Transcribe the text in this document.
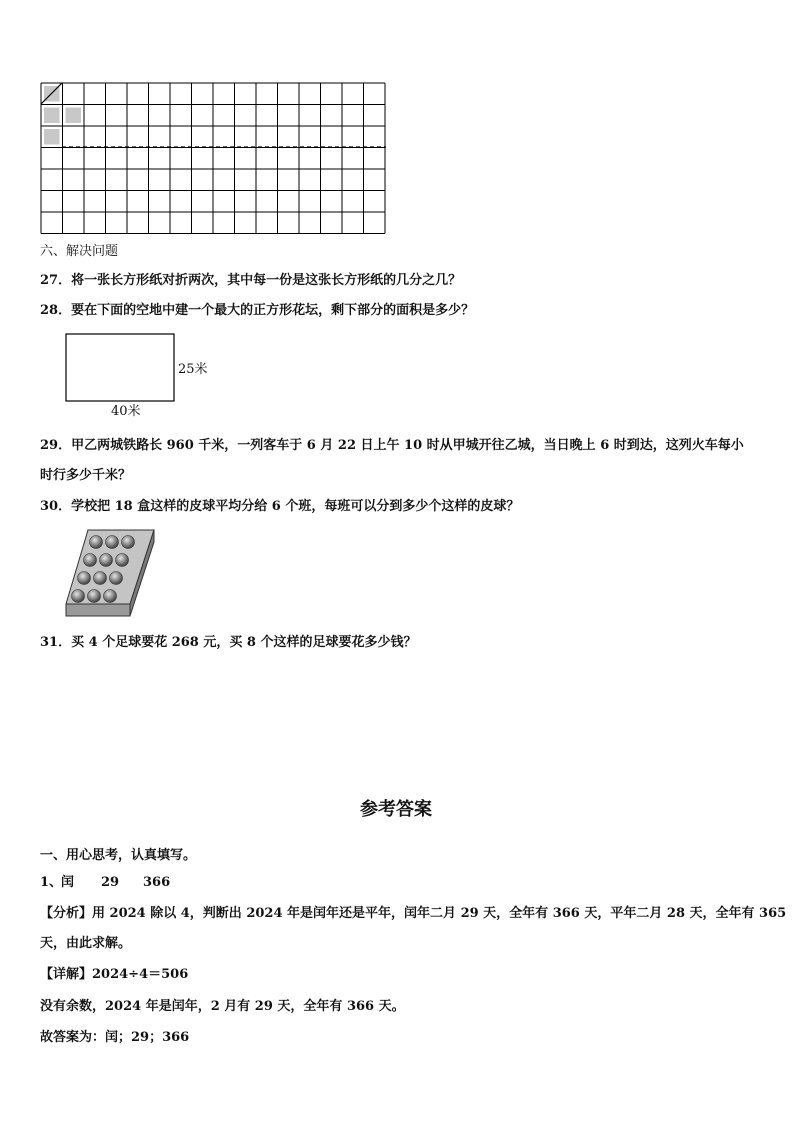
六、解决问题
27．将一张长方形纸对折两次，其中每一份是这张长方形纸的几分之几？
28．要在下面的空地中建一个最大的正方形花坛，剩下部分的面积是多少？
25米
40米
29．甲乙两城铁路长 960 千米，一列客车于 6 月 22 日上午 10 时从甲城开往乙城，当日晚上 6 时到达，这列火车每小
时行多少千米？
30．学校把 18 盒这样的皮球平均分给 6 个班，每班可以分到多少个这样的皮球？
31．买 4 个足球要花 268 元，买 8 个这样的足球要花多少钱？
参考答案
一、用心思考，认真填写。
1、
闰 29 366
【分析】用 2024 除以 4，判断出 2024 年是闰年还是平年，闰年二月 29 天，全年有 366 天，平年二月 28 天，全年有 365
天，由此求解。
【详解】2024÷4＝506
没有余数，2024 年是闰年，2 月有 29 天，全年有 366 天。
故答案为：闰；29；366
